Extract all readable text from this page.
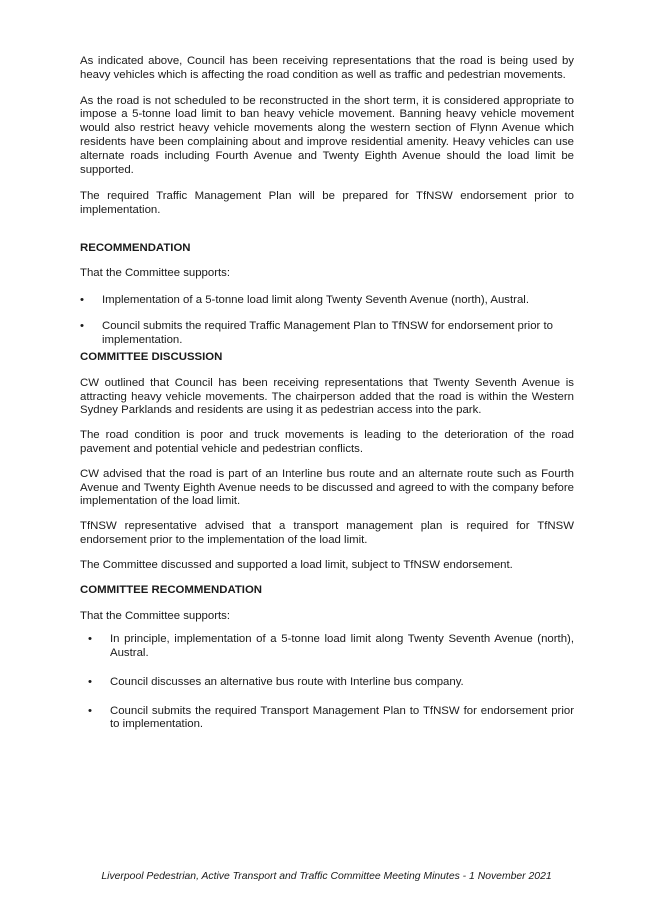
As indicated above, Council has been receiving representations that the road is being used by heavy vehicles which is affecting the road condition as well as traffic and pedestrian movements.

As the road is not scheduled to be reconstructed in the short term, it is considered appropriate to impose a 5-tonne load limit to ban heavy vehicle movement. Banning heavy vehicle movement would also restrict heavy vehicle movements along the western section of Flynn Avenue which residents have been complaining about and improve residential amenity. Heavy vehicles can use alternate roads including Fourth Avenue and Twenty Eighth Avenue should the load limit be supported.

The required Traffic Management Plan will be prepared for TfNSW endorsement prior to implementation.

RECOMMENDATION

That the Committee supports:

• Implementation of a 5-tonne load limit along Twenty Seventh Avenue (north), Austral.
• Council submits the required Traffic Management Plan to TfNSW for endorsement prior to implementation.
COMMITTEE DISCUSSION

CW outlined that Council has been receiving representations that Twenty Seventh Avenue is attracting heavy vehicle movements. The chairperson added that the road is within the Western Sydney Parklands and residents are using it as pedestrian access into the park.

The road condition is poor and truck movements is leading to the deterioration of the road pavement and potential vehicle and pedestrian conflicts.

CW advised that the road is part of an Interline bus route and an alternate route such as Fourth Avenue and Twenty Eighth Avenue needs to be discussed and agreed to with the company before implementation of the load limit.

TfNSW representative advised that a transport management plan is required for TfNSW endorsement prior to the implementation of the load limit.

The Committee discussed and supported a load limit, subject to TfNSW endorsement.

COMMITTEE RECOMMENDATION

That the Committee supports:

• In principle, implementation of a 5-tonne load limit along Twenty Seventh Avenue (north), Austral.
• Council discusses an alternative bus route with Interline bus company.
• Council submits the required Transport Management Plan to TfNSW for endorsement prior to implementation.
Liverpool Pedestrian, Active Transport and Traffic Committee Meeting Minutes - 1 November 2021
